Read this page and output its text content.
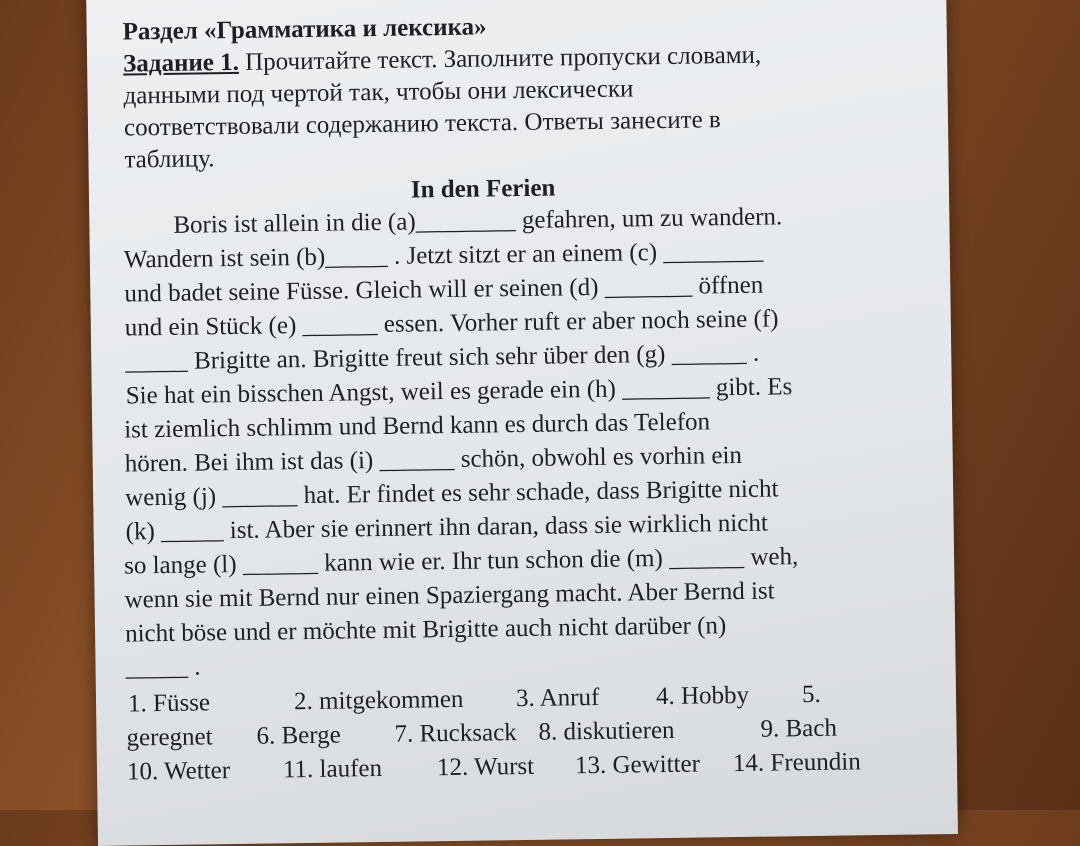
Раздел «Грамматика и лексика»
Задание 1. Прочитайте текст. Заполните пропуски словами,
данными под чертой так, чтобы они лексически
соответствовали содержанию текста. Ответы занесите в
таблицу.
In den Ferien
Boris ist allein in die (a)________ gefahren, um zu wandern.
Wandern ist sein (b)_____ . Jetzt sitzt er an einem (c) ________
und badet seine Füsse. Gleich will er seinen (d) _______ öffnen
und ein Stück (e) ______ essen. Vorher ruft er aber noch seine (f)
_____ Brigitte an. Brigitte freut sich sehr über den (g) ______ .
Sie hat ein bisschen Angst, weil es gerade ein (h) _______ gibt. Es
ist ziemlich schlimm und Bernd kann es durch das Telefon
hören. Bei ihm ist das (i) ______ schön, obwohl es vorhin ein
wenig (j) ______ hat. Er findet es sehr schade, dass Brigitte nicht
(k) _____ ist. Aber sie erinnert ihn daran, dass sie wirklich nicht
so lange (l) ______ kann wie er. Ihr tun schon die (m) ______ weh,
wenn sie mit Bernd nur einen Spaziergang macht. Aber Bernd ist
nicht böse und er möchte mit Brigitte auch nicht darüber (n)
_____ .
1. Füsse	2. mitgekommen 3. Anruf 4. Hobby 5.
geregnet 6. Berge 7. Rucksack 8. diskutieren	9. Bach
10. Wetter 11. laufen 12. Wurst 13. Gewitter 14. Freundin
